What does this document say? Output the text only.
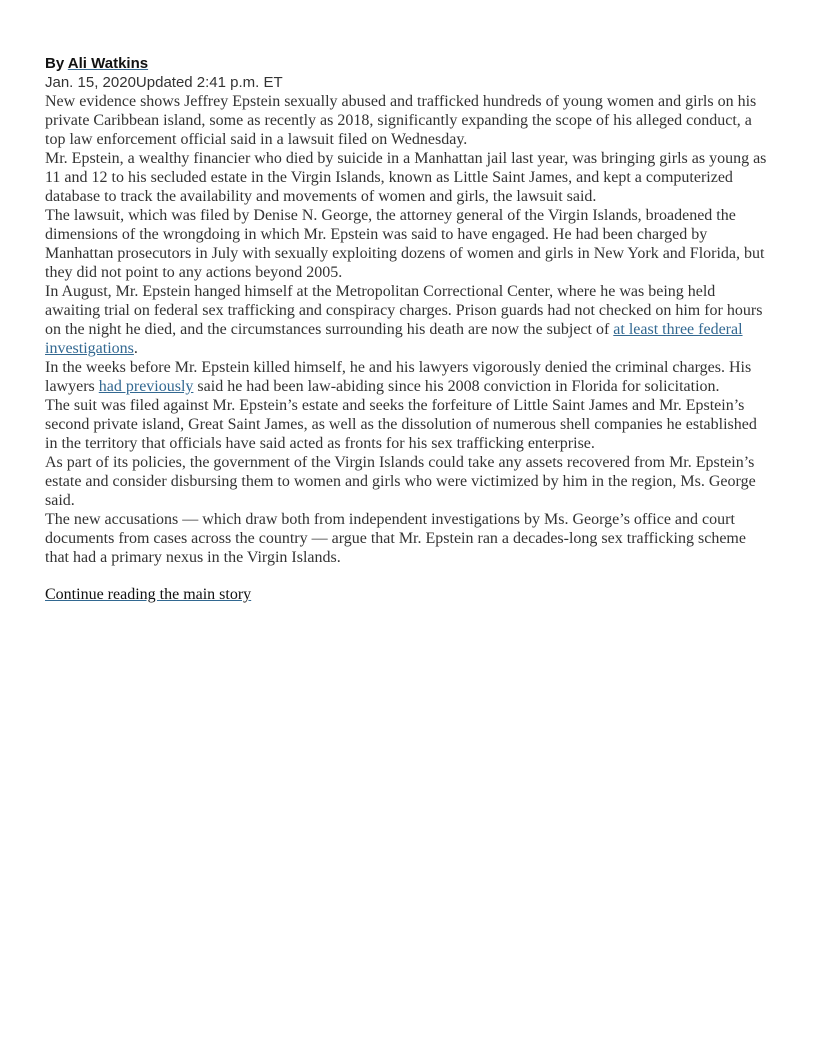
By Ali Watkins
Jan. 15, 2020Updated 2:41 p.m. ET

New evidence shows Jeffrey Epstein sexually abused and trafficked hundreds of young women and girls on his private Caribbean island, some as recently as 2018, significantly expanding the scope of his alleged conduct, a top law enforcement official said in a lawsuit filed on Wednesday.

Mr. Epstein, a wealthy financier who died by suicide in a Manhattan jail last year, was bringing girls as young as 11 and 12 to his secluded estate in the Virgin Islands, known as Little Saint James, and kept a computerized database to track the availability and movements of women and girls, the lawsuit said.

The lawsuit, which was filed by Denise N. George, the attorney general of the Virgin Islands, broadened the dimensions of the wrongdoing in which Mr. Epstein was said to have engaged. He had been charged by Manhattan prosecutors in July with sexually exploiting dozens of women and girls in New York and Florida, but they did not point to any actions beyond 2005.

In August, Mr. Epstein hanged himself at the Metropolitan Correctional Center, where he was being held awaiting trial on federal sex trafficking and conspiracy charges. Prison guards had not checked on him for hours on the night he died, and the circumstances surrounding his death are now the subject of at least three federal investigations.

In the weeks before Mr. Epstein killed himself, he and his lawyers vigorously denied the criminal charges. His lawyers had previously said he had been law-abiding since his 2008 conviction in Florida for solicitation.

The suit was filed against Mr. Epstein’s estate and seeks the forfeiture of Little Saint James and Mr. Epstein’s second private island, Great Saint James, as well as the dissolution of numerous shell companies he established in the territory that officials have said acted as fronts for his sex trafficking enterprise.

As part of its policies, the government of the Virgin Islands could take any assets recovered from Mr. Epstein’s estate and consider disbursing them to women and girls who were victimized by him in the region, Ms. George said.

The new accusations — which draw both from independent investigations by Ms. George’s office and court documents from cases across the country — argue that Mr. Epstein ran a decades-long sex trafficking scheme that had a primary nexus in the Virgin Islands.

Continue reading the main story
